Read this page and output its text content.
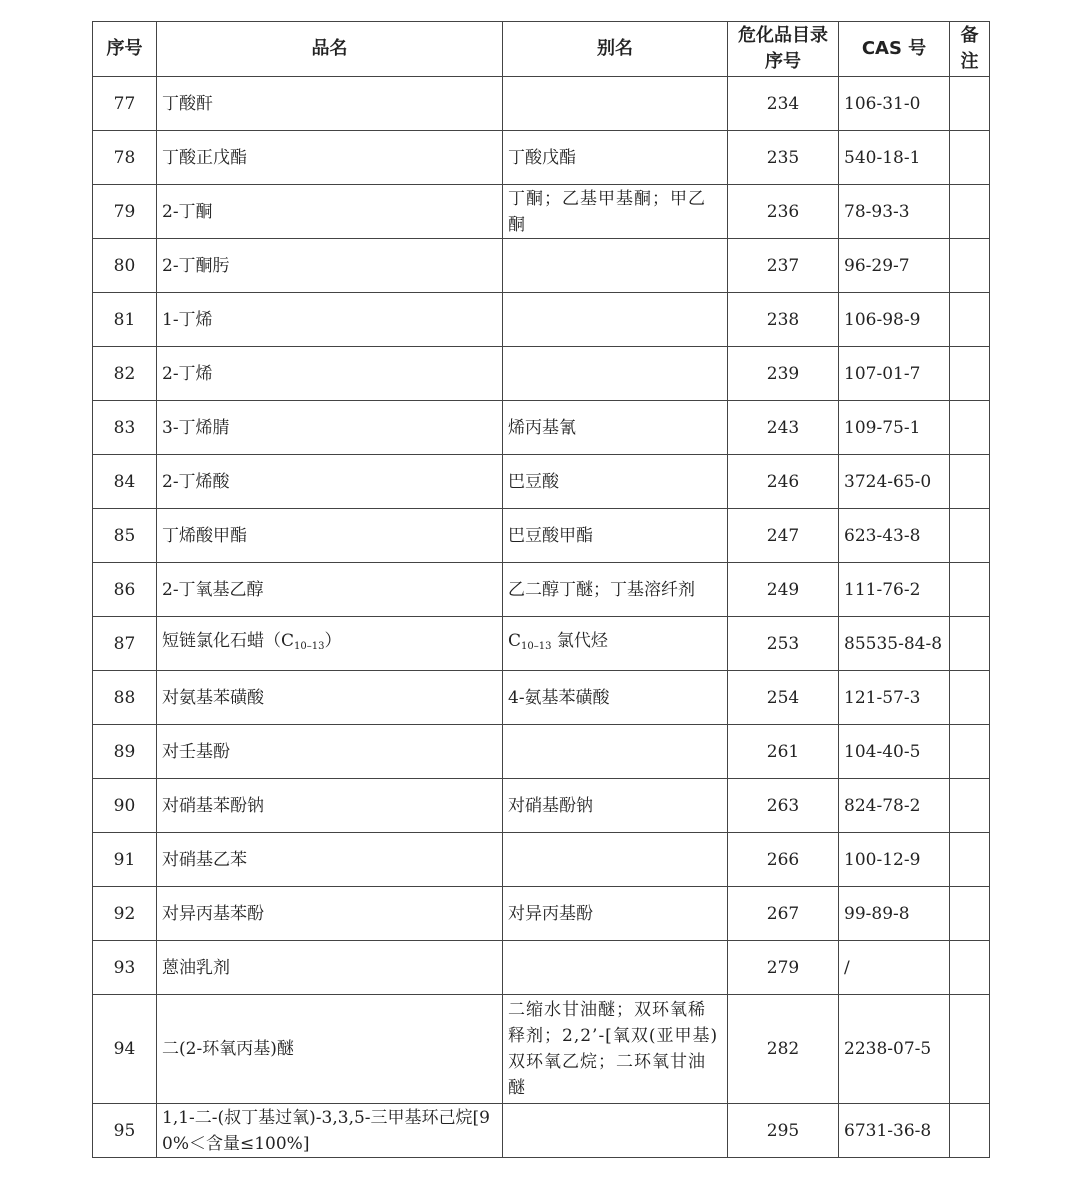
序号	品名	别名	危化品目录序号	CAS 号	备注
77	丁酸酐		234	106-31-0	
78	丁酸正戊酯	丁酸戊酯	235	540-18-1	
79	2-丁酮	丁酮；乙基甲基酮；甲乙酮	236	78-93-3	
80	2-丁酮肟		237	96-29-7	
81	1-丁烯		238	106-98-9	
82	2-丁烯		239	107-01-7	
83	3-丁烯腈	烯丙基氰	243	109-75-1	
84	2-丁烯酸	巴豆酸	246	3724-65-0	
85	丁烯酸甲酯	巴豆酸甲酯	247	623-43-8	
86	2-丁氧基乙醇	乙二醇丁醚；丁基溶纤剂	249	111-76-2	
87	短链氯化石蜡$(C_{10-13})$	$C_{10-13}$ 氯代烃	253	85535-84-8	
88	对氨基苯磺酸	4-氨基苯磺酸	254	121-57-3	
89	对壬基酚		261	104-40-5	
90	对硝基苯酚钠	对硝基酚钠	263	824-78-2	
91	对硝基乙苯		266	100-12-9	
92	对异丙基苯酚	对异丙基酚	267	99-89-8	
93	蒽油乳剂		279	/	
94	二(2-环氧丙基)醚	二缩水甘油醚；双环氧稀释剂；2,2’-[氧双(亚甲基)双环氧乙烷；二环氧甘油醚	282	2238-07-5	
95	1,1-二-(叔丁基过氧)-3,3,5-三甲基环己烷[90%＜含量≤100%]		295	6731-36-8	
